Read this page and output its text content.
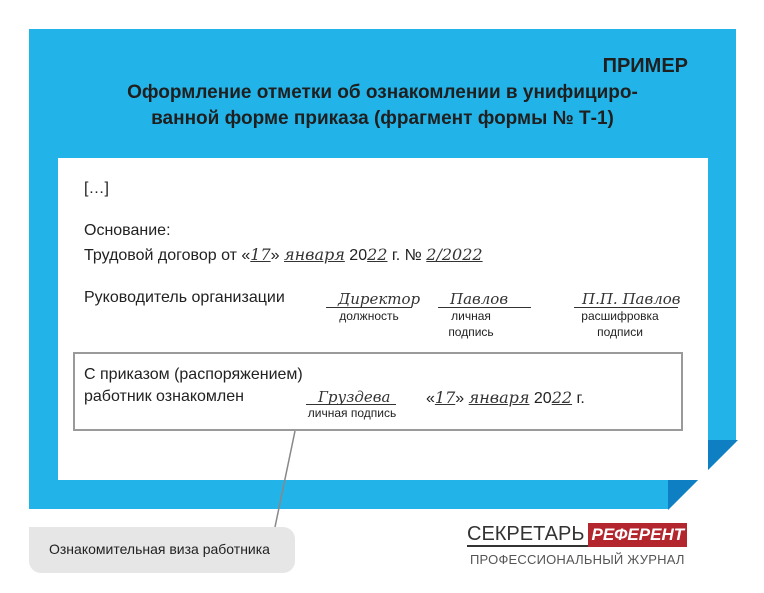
ПРИМЕР
Оформление отметки об ознакомлении в унифициро-
ванной форме приказа (фрагмент формы № Т-1)
[…]
Основание:
Трудовой договор от «17» января 2022 г. № 2/2022
Руководитель организации	Директор
должность
Павлов
личная
подпись
П.П. Павлов
расшифровка
подписи
С приказом (распоряжением)
работник ознакомлен	Груздева
личная подпись
«17» января 2022 г.
Ознакомительная виза работника
СЕКРЕТАРЬ РЕФЕРЕНТ
ПРОФЕССИОНАЛЬНЫЙ ЖУРНАЛ
